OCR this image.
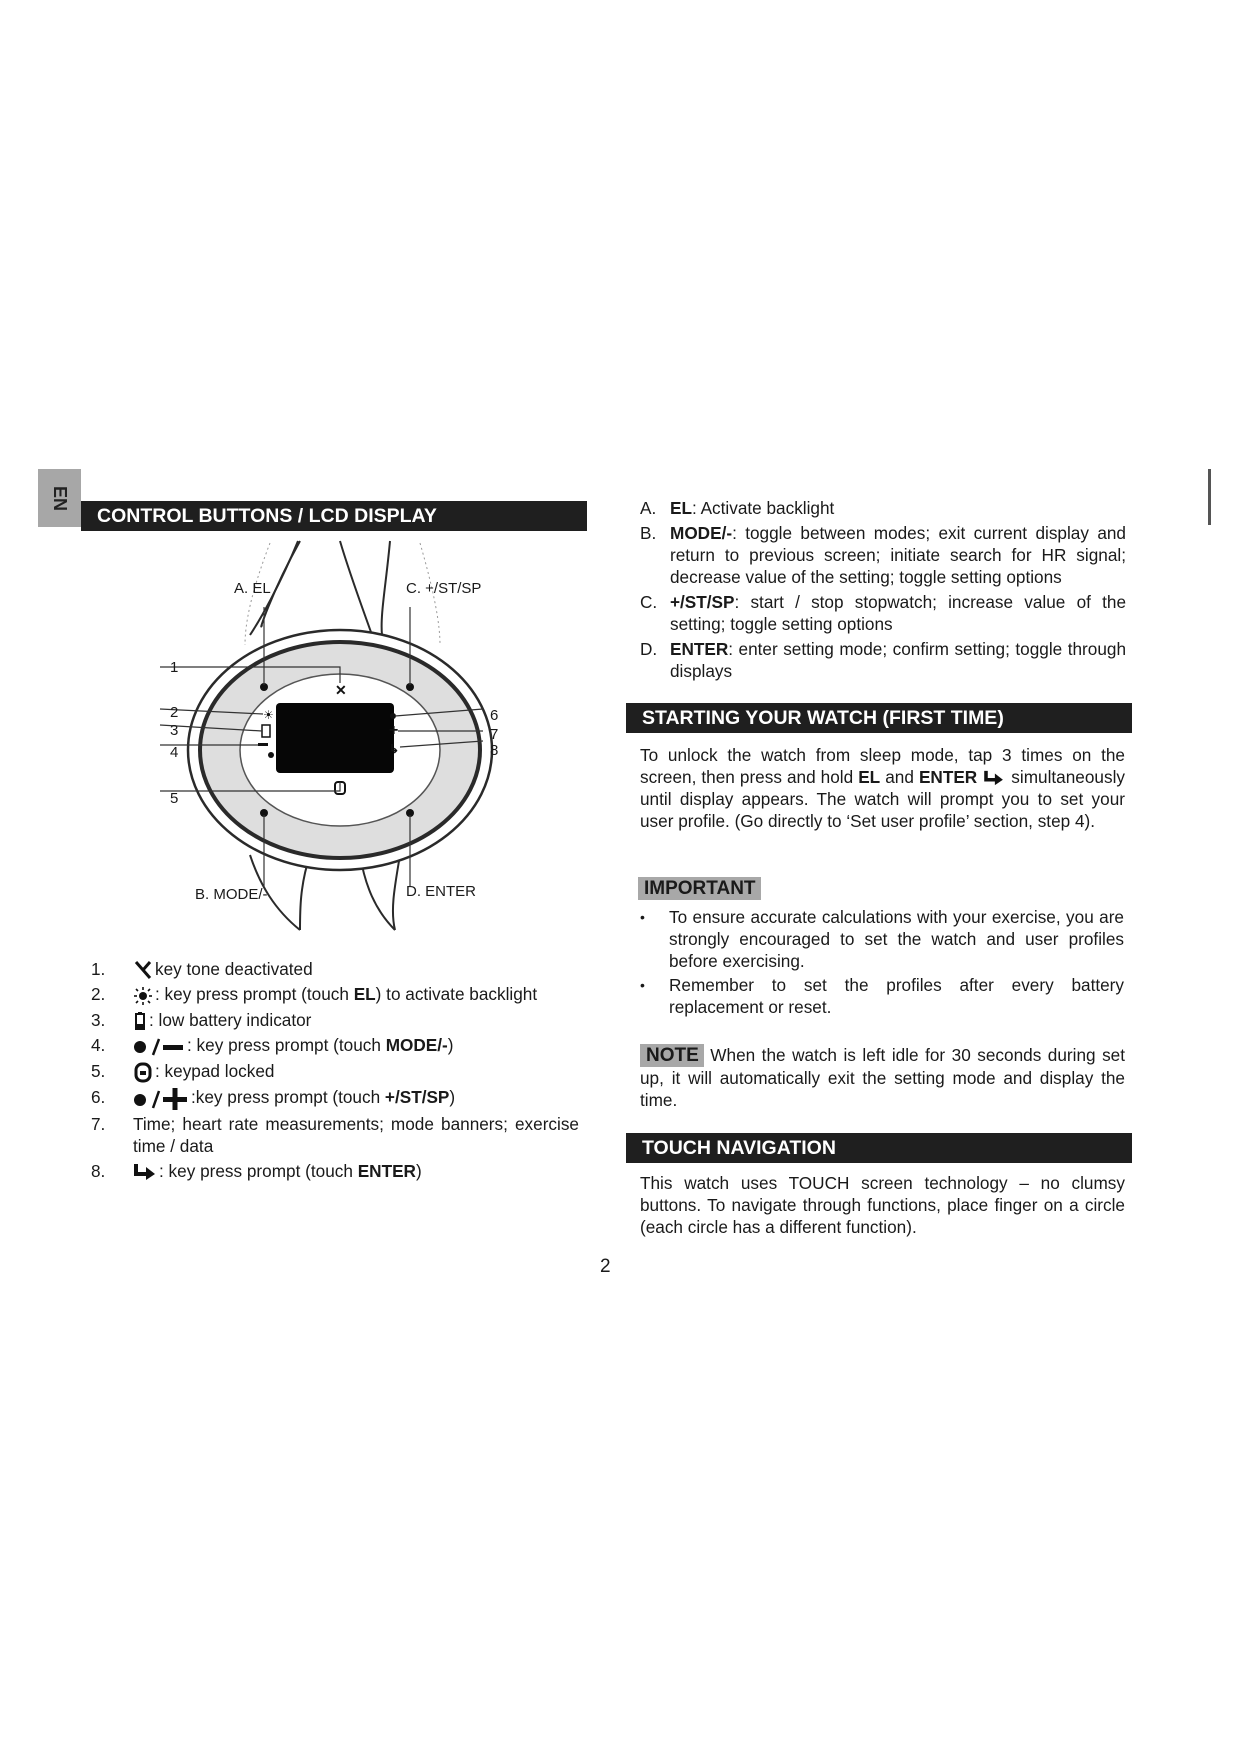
EN
CONTROL BUTTONS / LCD DISPLAY
✕
☀
+
↳
A. EL	C. +/ST/SP
B. MODE/-	D. ENTER
1
2
3
4
5
6
7
8
1.	key tone deactivated
2.	: key press prompt (touch EL) to activate backlight
3.	: low battery indicator
4.	: key press prompt (touch MODE/-)
5.	: keypad locked
6.	:key press prompt (touch +/ST/SP)
7. Time; heart rate measurements; mode banners; exercise time / data
8.	: key press prompt (touch ENTER)
A. EL: Activate backlight
B. MODE/-: toggle between modes; exit current display and return to previous screen; initiate search for HR signal; decrease value of the setting; toggle setting options
C. +/ST/SP: start / stop stopwatch; increase value of the setting; toggle setting options
D. ENTER: enter setting mode; confirm setting; toggle through displays
STARTING YOUR WATCH (FIRST TIME)
To unlock the watch from sleep mode, tap 3 times on the screen, then press and hold EL and ENTER  simultaneously until display appears. The watch will prompt you to set your user profile. (Go directly to ‘Set user profile’ section, step 4).
IMPORTANT
• To ensure accurate calculations with your exercise, you are strongly encouraged to set the watch and user profiles before exercising.
• Remember to set the profiles after every battery replacement or reset.
NOTE When the watch is left idle for 30 seconds during set up, it will automatically exit the setting mode and display the time.
TOUCH NAVIGATION
This watch uses TOUCH screen technology – no clumsy buttons. To navigate through functions, place finger on a circle (each circle has a different function).
2
